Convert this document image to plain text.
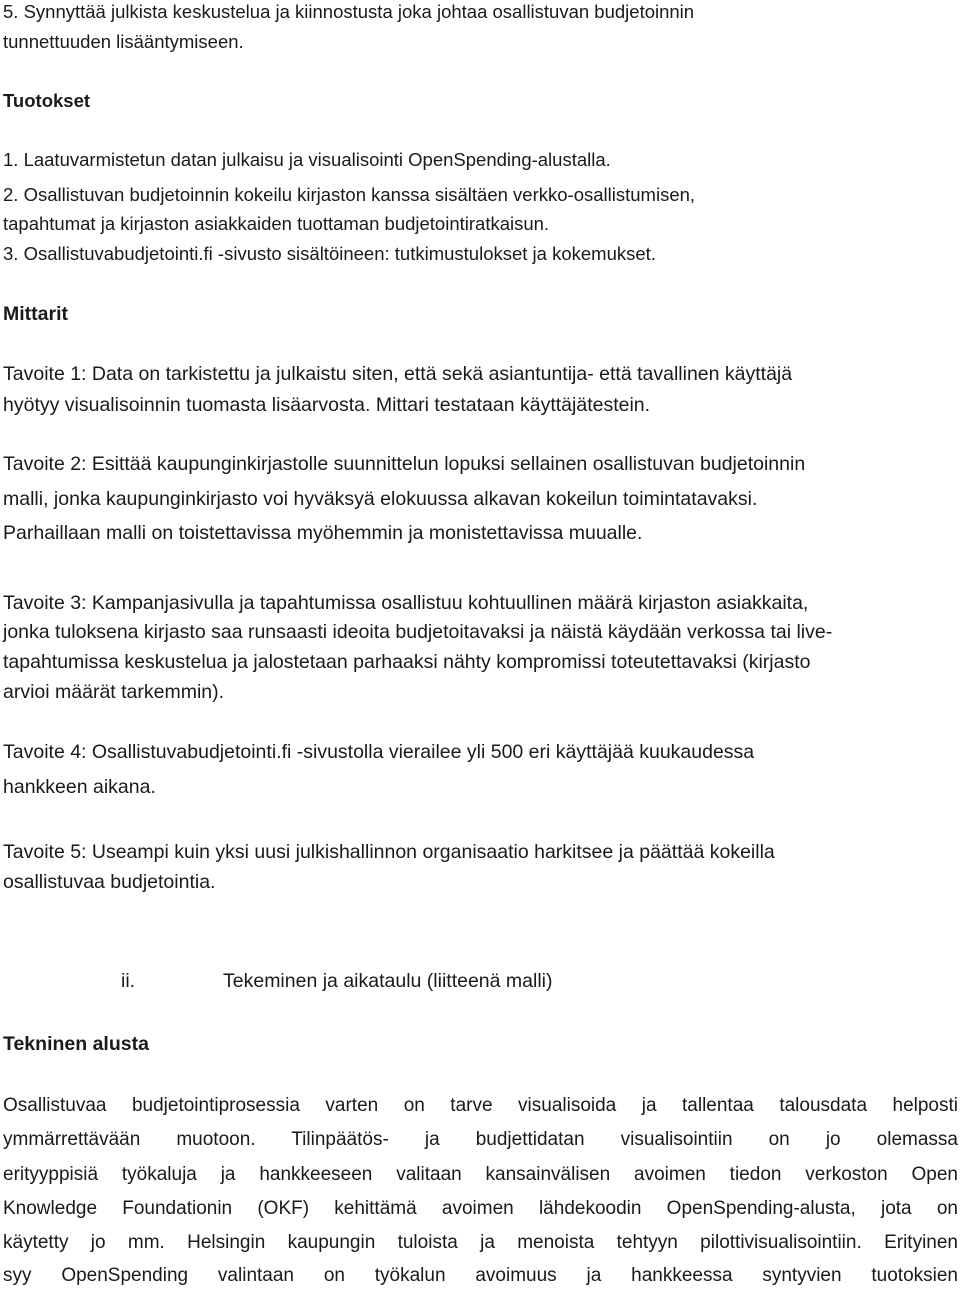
5. Synnyttää julkista keskustelua ja kiinnostusta joka johtaa osallistuvan budjetoinnin
tunnettuuden lisääntymiseen.
Tuotokset
1. Laatuvarmistetun datan julkaisu ja visualisointi OpenSpending-alustalla.
2. Osallistuvan budjetoinnin kokeilu kirjaston kanssa sisältäen verkko-osallistumisen,
tapahtumat ja kirjaston asiakkaiden tuottaman budjetointiratkaisun.
3. Osallistuvabudjetointi.fi -sivusto sisältöineen: tutkimustulokset ja kokemukset.
Mittarit
Tavoite 1: Data on tarkistettu ja julkaistu siten, että sekä asiantuntija- että tavallinen käyttäjä
hyötyy visualisoinnin tuomasta lisäarvosta. Mittari testataan käyttäjätestein.
Tavoite 2: Esittää kaupunginkirjastolle suunnittelun lopuksi sellainen osallistuvan budjetoinnin
malli, jonka kaupunginkirjasto voi hyväksyä elokuussa alkavan kokeilun toimintatavaksi.
Parhaillaan malli on toistettavissa myöhemmin ja monistettavissa muualle.
Tavoite 3: Kampanjasivulla ja tapahtumissa osallistuu kohtuullinen määrä kirjaston asiakkaita,
jonka tuloksena kirjasto saa runsaasti ideoita budjetoitavaksi ja näistä käydään verkossa tai live-
tapahtumissa keskustelua ja jalostetaan parhaaksi nähty kompromissi toteutettavaksi (kirjasto
arvioi määrät tarkemmin).
Tavoite 4: Osallistuvabudjetointi.fi -sivustolla vierailee yli 500 eri käyttäjää kuukaudessa
hankkeen aikana.
Tavoite 5: Useampi kuin yksi uusi julkishallinnon organisaatio harkitsee ja päättää kokeilla
osallistuvaa budjetointia.
ii.	Tekeminen ja aikataulu (liitteenä malli)
Tekninen alusta
Osallistuvaa budjetointiprosessia varten on tarve visualisoida ja tallentaa talousdata helposti
ymmärrettävään muotoon. Tilinpäätös- ja budjettidatan visualisointiin on jo olemassa
erityyppisiä työkaluja ja hankkeeseen valitaan kansainvälisen avoimen tiedon verkoston Open
Knowledge Foundationin (OKF) kehittämä avoimen lähdekoodin OpenSpending-alusta, jota on
käytetty jo mm. Helsingin kaupungin tuloista ja menoista tehtyyn pilottivisualisointiin. Erityinen
syy OpenSpending valintaan on työkalun avoimuus ja hankkeessa syntyvien tuotoksien
